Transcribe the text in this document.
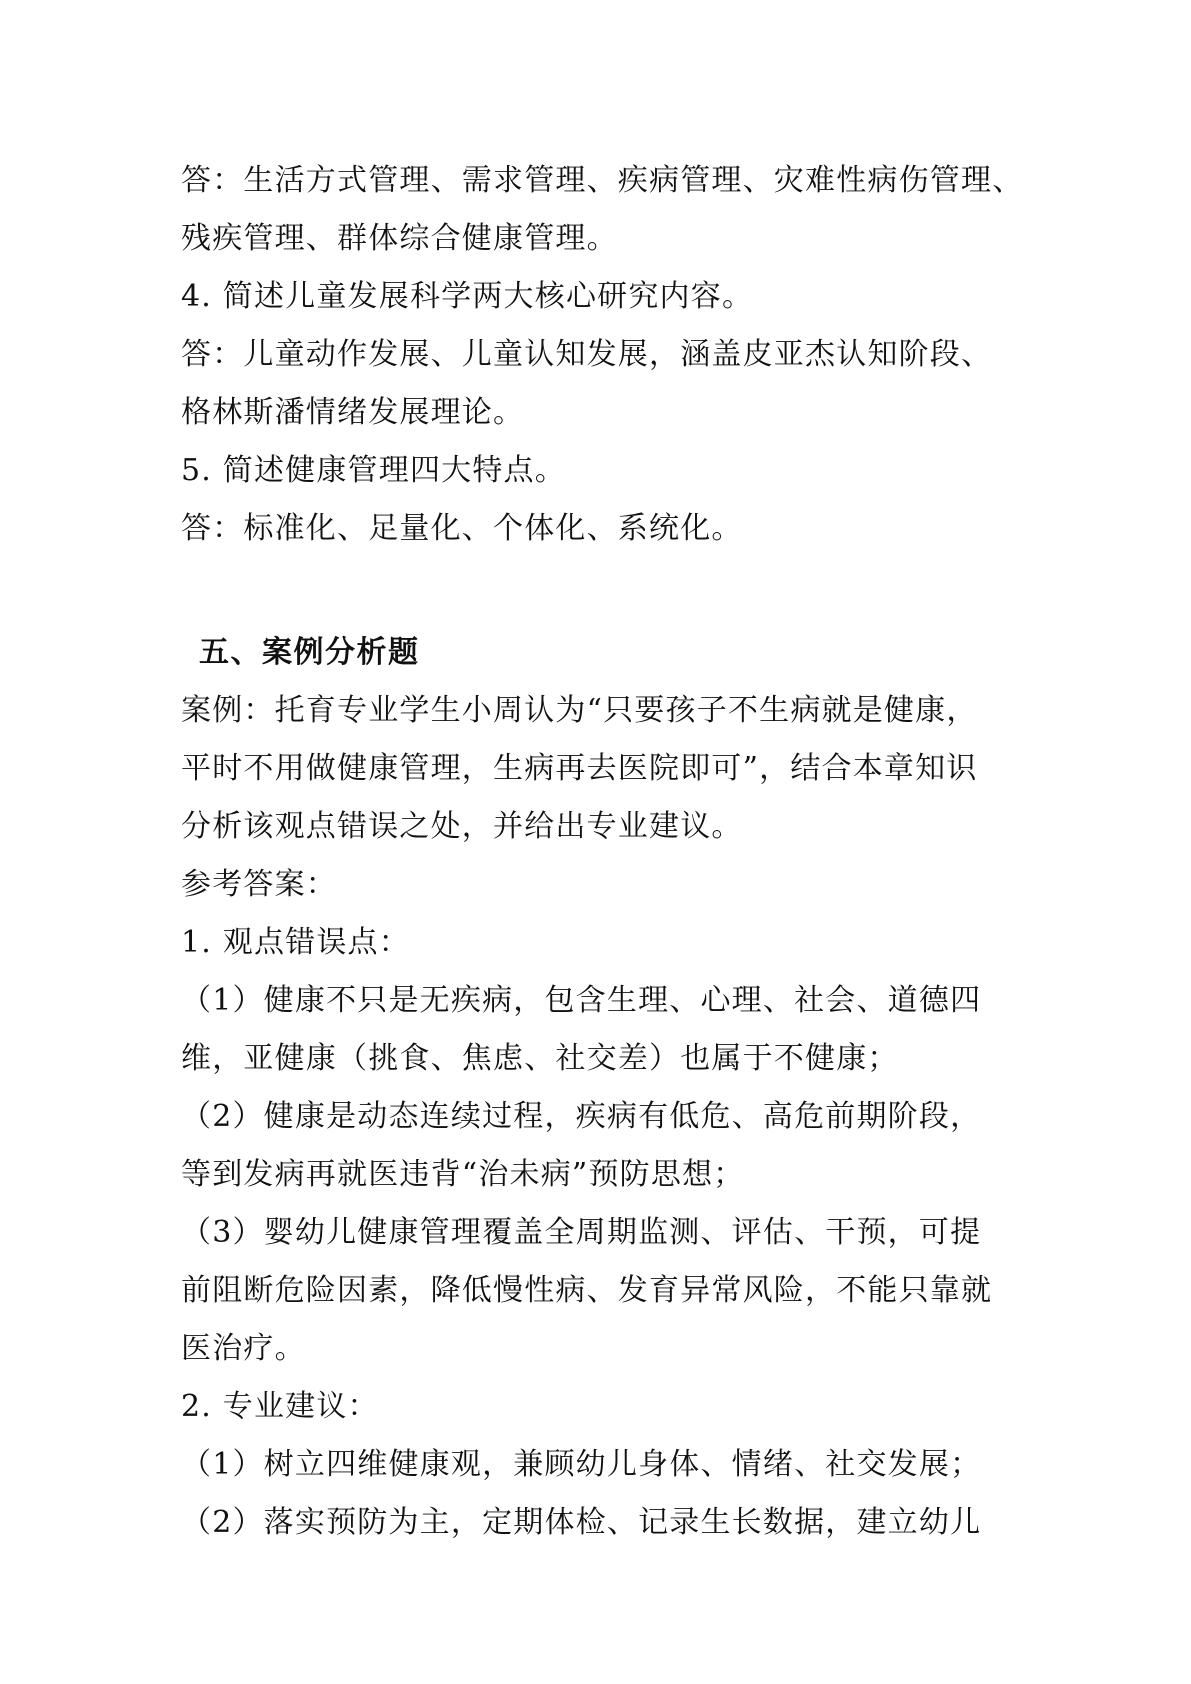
答：生活方式管理、需求管理、疾病管理、灾难性病伤管理、
残疾管理、群体综合健康管理。
4. 简述儿童发展科学两大核心研究内容。
答：儿童动作发展、儿童认知发展，涵盖皮亚杰认知阶段、
格林斯潘情绪发展理论。
5. 简述健康管理四大特点。
答：标准化、足量化、个体化、系统化。
五、案例分析题
案例：托育专业学生小周认为“只要孩子不生病就是健康，
平时不用做健康管理，生病再去医院即可”，结合本章知识
分析该观点错误之处，并给出专业建议。
参考答案：
1. 观点错误点：
（1）健康不只是无疾病，包含生理、心理、社会、道德四
维，亚健康（挑食、焦虑、社交差）也属于不健康；
（2）健康是动态连续过程，疾病有低危、高危前期阶段，
等到发病再就医违背“治未病”预防思想；
（3）婴幼儿健康管理覆盖全周期监测、评估、干预，可提
前阻断危险因素，降低慢性病、发育异常风险，不能只靠就
医治疗。
2. 专业建议：
（1）树立四维健康观，兼顾幼儿身体、情绪、社交发展；
（2）落实预防为主，定期体检、记录生长数据，建立幼儿
